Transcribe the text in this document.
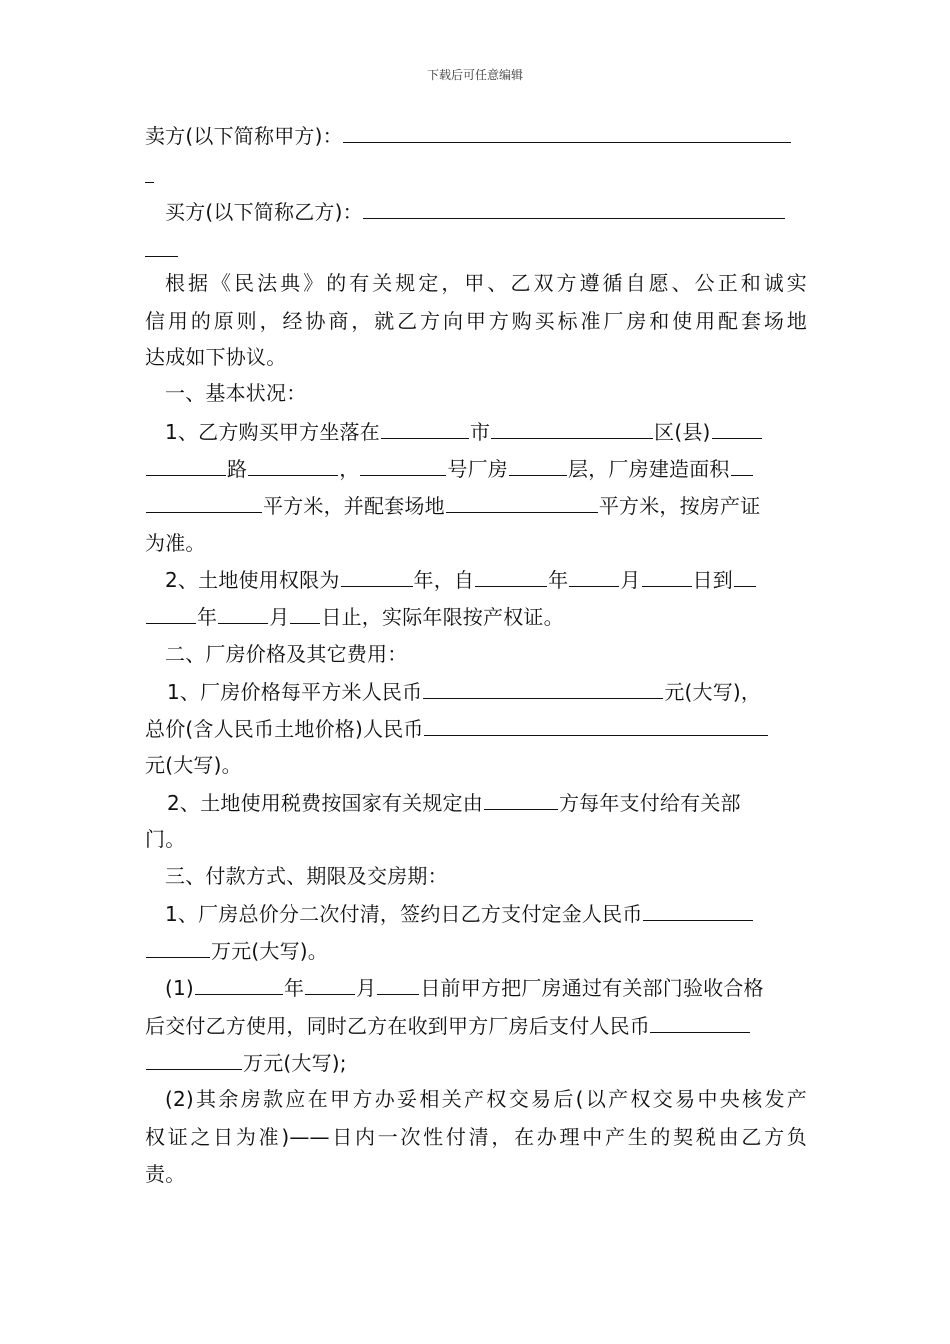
下载后可任意编辑
卖方(以下简称甲方)：
买方(以下简称乙方)：
根据《民法典》的有关规定，甲、乙双方遵循自愿、公正和诚实
信用的原则，经协商，就乙方向甲方购买标准厂房和使用配套场地
达成如下协议。
一、基本状况：
1、乙方购买甲方坐落在	市	区(县)
路	，	号厂房	层，厂房建造面积
平方米，并配套场地	平方米，按房产证
为准。
2、土地使用权限为	年，自	年	月	日到
年	月 日止，实际年限按产权证。
二、厂房价格及其它费用：
1、厂房价格每平方米人民币	元(大写)，
总价(含人民币土地价格)人民币
元(大写)。
2、土地使用税费按国家有关规定由	方每年支付给有关部
门。
三、付款方式、期限及交房期：
1、厂房总价分二次付清，签约日乙方支付定金人民币
万元(大写)。
(1)	年	月 日前甲方把厂房通过有关部门验收合格
后交付乙方使用，同时乙方在收到甲方厂房后支付人民币
万元(大写);
(2)其余房款应在甲方办妥相关产权交易后(以产权交易中央核发产
权证之日为准)——日内一次性付清，在办理中产生的契税由乙方负
责。
